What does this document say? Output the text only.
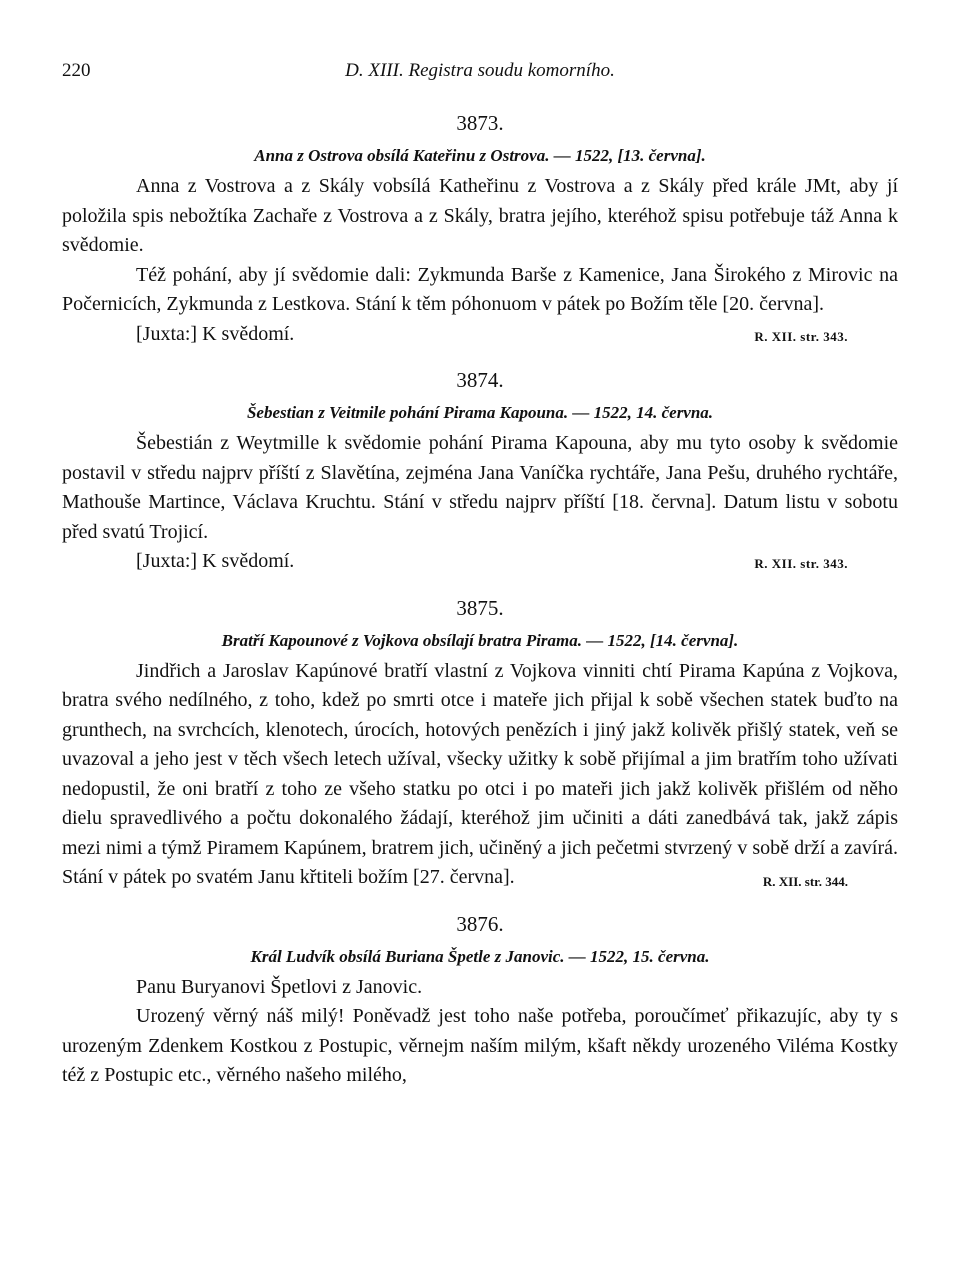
220	D. XIII. Registra soudu komorního.
3873.
Anna z Ostrova obsílá Kateřinu z Ostrova. — 1522, [13. června].

Anna z Vostrova a z Skály vobsílá Katheřinu z Vostrova a z Skály před krále JMt, aby jí položila spis nebožtíka Zachaře z Vostrova a z Skály, bratra jejího, kteréhož spisu potřebuje táž Anna k svědomie.

Též pohání, aby jí svědomie dali: Zykmunda Barše z Kamenice, Jana Širokého z Mirovic na Počernicích, Zykmunda z Lestkova. Stání k těm póhonuom v pátek po Božím těle [20. června].

[Juxta:] K svědomí.	R. XII. str. 343.
3874.
Šebestian z Veitmile pohání Pirama Kapouna. — 1522, 14. června.

Šebestián z Weytmille k svědomie pohání Pirama Kapouna, aby mu tyto osoby k svědomie postavil v středu najprv příští z Slavětína, zejména Jana Vaníčka rychtáře, Jana Pešu, druhého rychtáře, Mathouše Martince, Václava Kruchtu. Stání v středu najprv příští [18. června]. Datum listu v sobotu před svatú Trojicí.

[Juxta:] K svědomí.	R. XII. str. 343.
3875.
Bratří Kapounové z Vojkova obsílají bratra Pirama. — 1522, [14. června].

Jindřich a Jaroslav Kapúnové bratří vlastní z Vojkova vinniti chtí Pirama Kapúna z Vojkova, bratra svého nedílného, z toho, kdež po smrti otce i mateře jich přijal k sobě všechen statek buďto na grunthech, na svrchcích, klenotech, úrocích, hotových penězích i jiný jakž kolivěk přišlý statek, veň se uvazoval a jeho jest v těch všech letech užíval, všecky užitky k sobě přijímal a jim bratřím toho užívati nedopustil, že oni bratří z toho ze všeho statku po otci i po mateři jich jakž kolivěk přišlém od něho dielu spravedlivého a počtu dokonalého žádají, kteréhož jim učiniti a dáti zanedbává tak, jakž zápis mezi nimi a týmž Piramem Kapúnem, bratrem jich, učiněný a jich pečetmi stvrzený v sobě drží a zavírá. Stání v pátek po svatém Janu křtiteli božím [27. června].	R. XII. str. 344.

3876.
Král Ludvík obsílá Buriana Špetle z Janovic. — 1522, 15. června.

Panu Buryanovi Špetlovi z Janovic.

Urozený věrný náš milý! Poněvadž jest toho naše potřeba, poroučímeť přikazujíc, aby ty s urozeným Zdenkem Kostkou z Postupic, věrnejm naším milým, kšaft někdy urozeného Viléma Kostky též z Postupic etc., věrného našeho milého,
